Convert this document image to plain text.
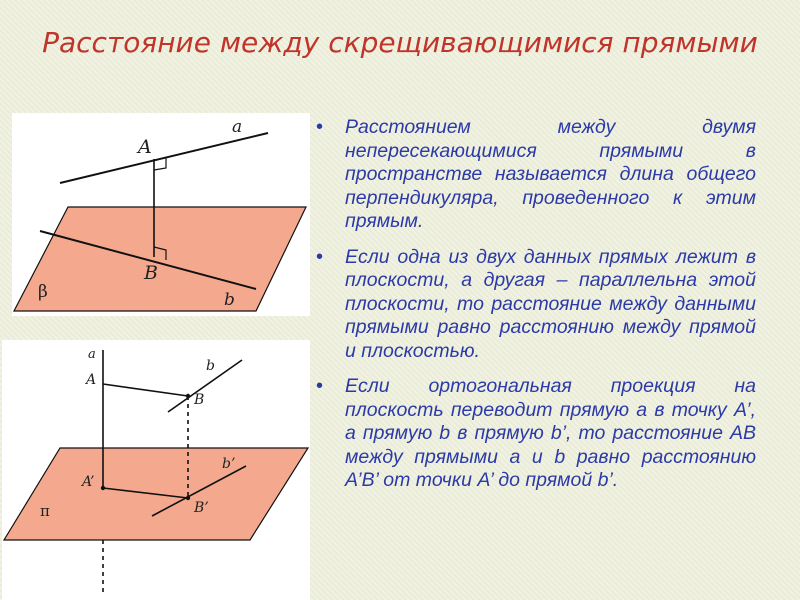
Расстояние между скрещивающимися прямыми
A
a
B
b
β
a
A
b
B
b’
A’
B’
π
• Расстоянием между двумя непересекающимися прямыми в пространстве называется длина общего перпендикуляра, проведенного к этим прямым.
• Если одна из двух данных прямых лежит в плоскости, а другая – параллельна этой плоскости, то расстояние между данными прямыми равно расстоянию между прямой и плоскостью.
• Если ортогональная проекция на плоскость переводит прямую a в точку A’, а прямую b в прямую b’, то расстояние AB между прямыми a и b равно расстоянию A’B’ от точки A’ до прямой b’.
